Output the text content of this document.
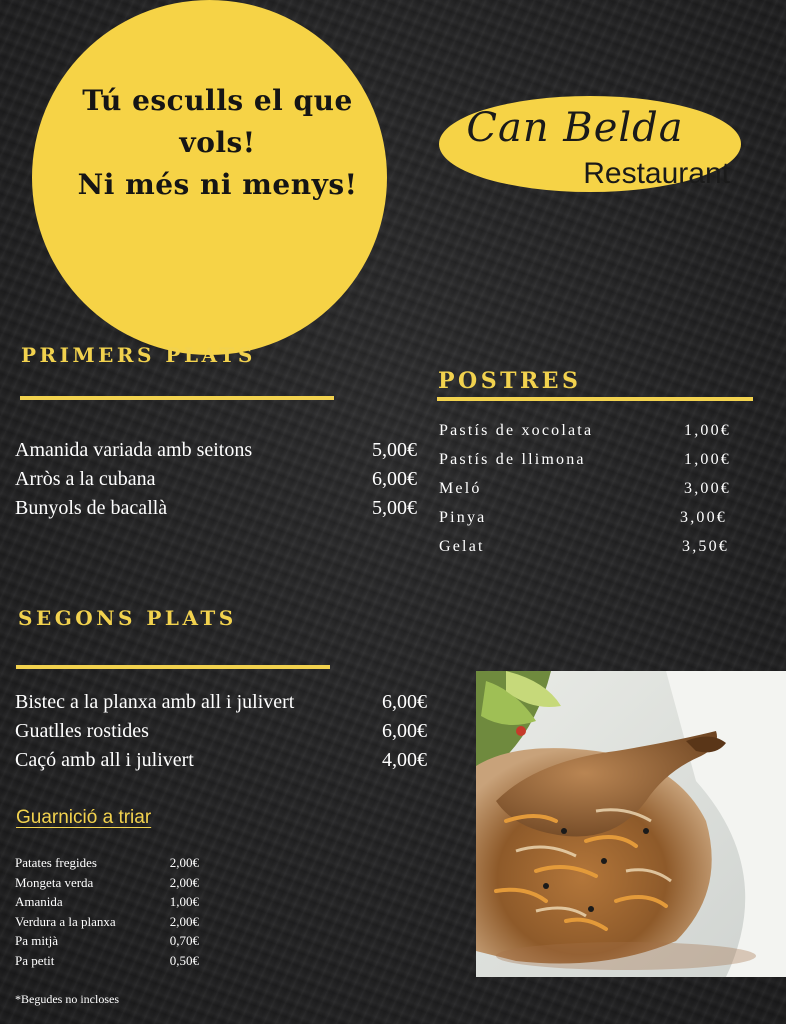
Tú esculls el que
vols!
Ni més ni menys!
Can Belda
Restaurant
PRIMERS PLATS
Amanida variada amb seitons	5,00€
Arròs a la cubana	6,00€
Bunyols de bacallà	5,00€
POSTRES
Pastís de xocolata	1,00€
Pastís de llimona	1,00€
Meló	3,00€
Pinya	3,00€
Gelat	3,50€
SEGONS PLATS
Bistec a la planxa amb all i julivert	6,00€
Guatlles rostides	6,00€
Caçó amb all i julivert	4,00€
Guarnició a triar
Patates fregides	2,00€
Mongeta verda	2,00€
Amanida	1,00€
Verdura a la planxa	2,00€
Pa mitjà	0,70€
Pa petit	0,50€
*Begudes no incloses
